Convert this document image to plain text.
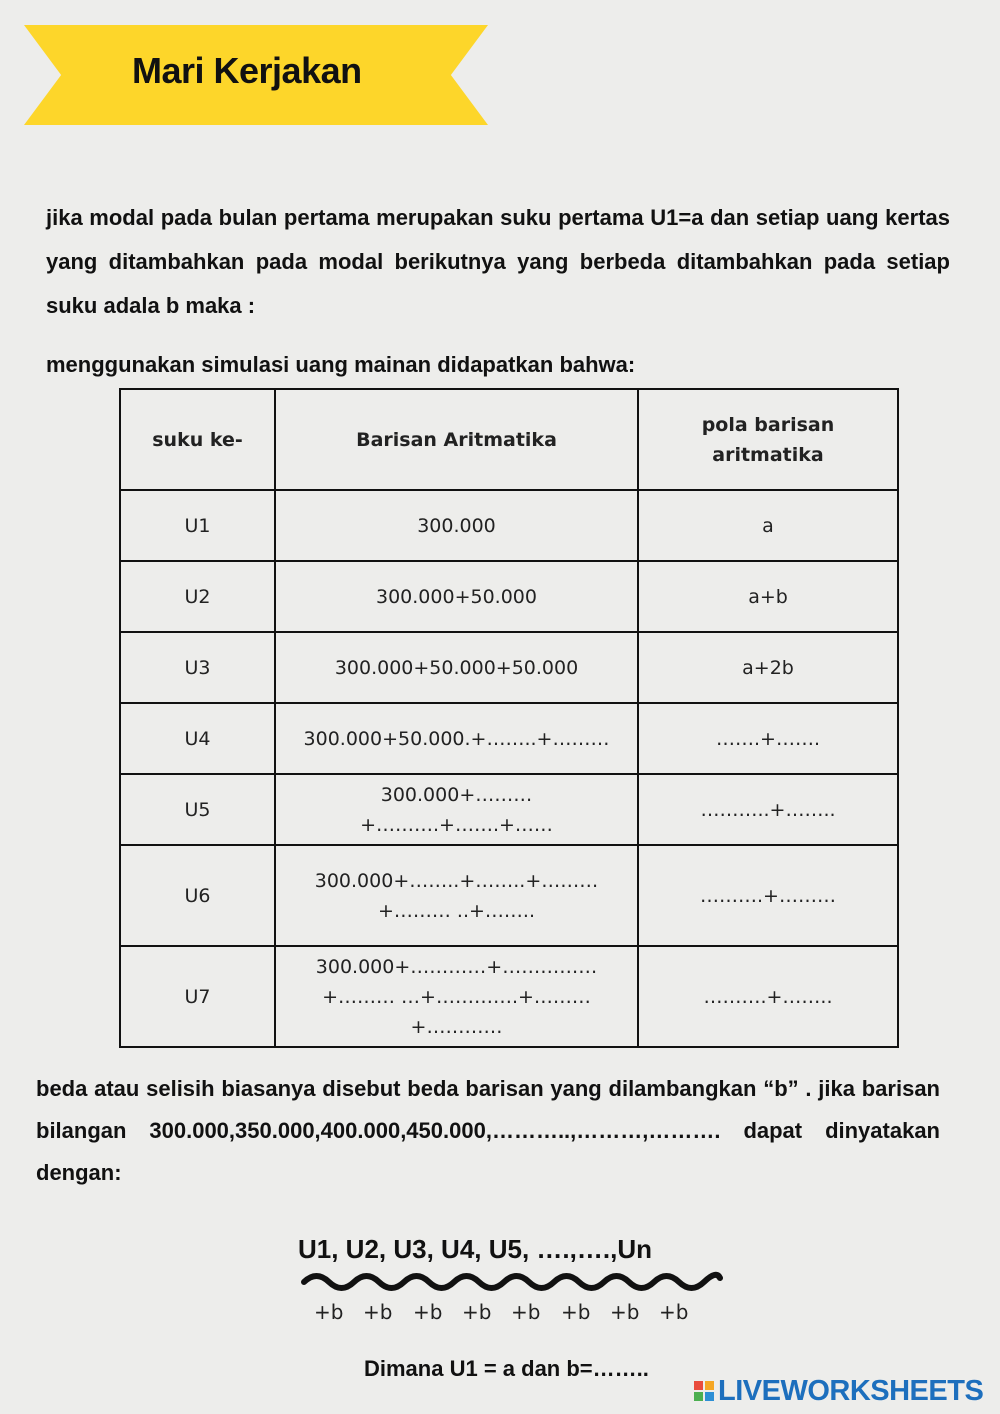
Mari Kerjakan
jika modal pada bulan pertama merupakan suku pertama U1=a dan setiap uang kertas yang ditambahkan pada modal berikutnya yang berbeda ditambahkan pada setiap suku adala b maka :
menggunakan simulasi uang mainan didapatkan bahwa:
suku ke-	Barisan Aritmatika	pola barisan aritmatika
U1	300.000	a
U2	300.000+50.000	a+b
U3	300.000+50.000+50.000	a+2b
U4	300.000+50.000.+……..+………	…….+…….
U5	300.000+………+……….+…….+……	………..+……..
U6	300.000+……..+……..+………+……… ..+……..	……….+………
U7	300.000+…………+……………+……… …+………….+………+…………	……….+……..
beda atau selisih biasanya disebut beda barisan yang dilambangkan “b” . jika barisan bilangan 300.000,350.000,400.000,450.000,………..,………,………. dapat dinyatakan dengan:
U1, U2, U3, U4, U5, ….,….,Un
+b +b +b +b +b +b +b +b
Dimana U1 = a dan b=……..
LIVEWORKSHEETS
